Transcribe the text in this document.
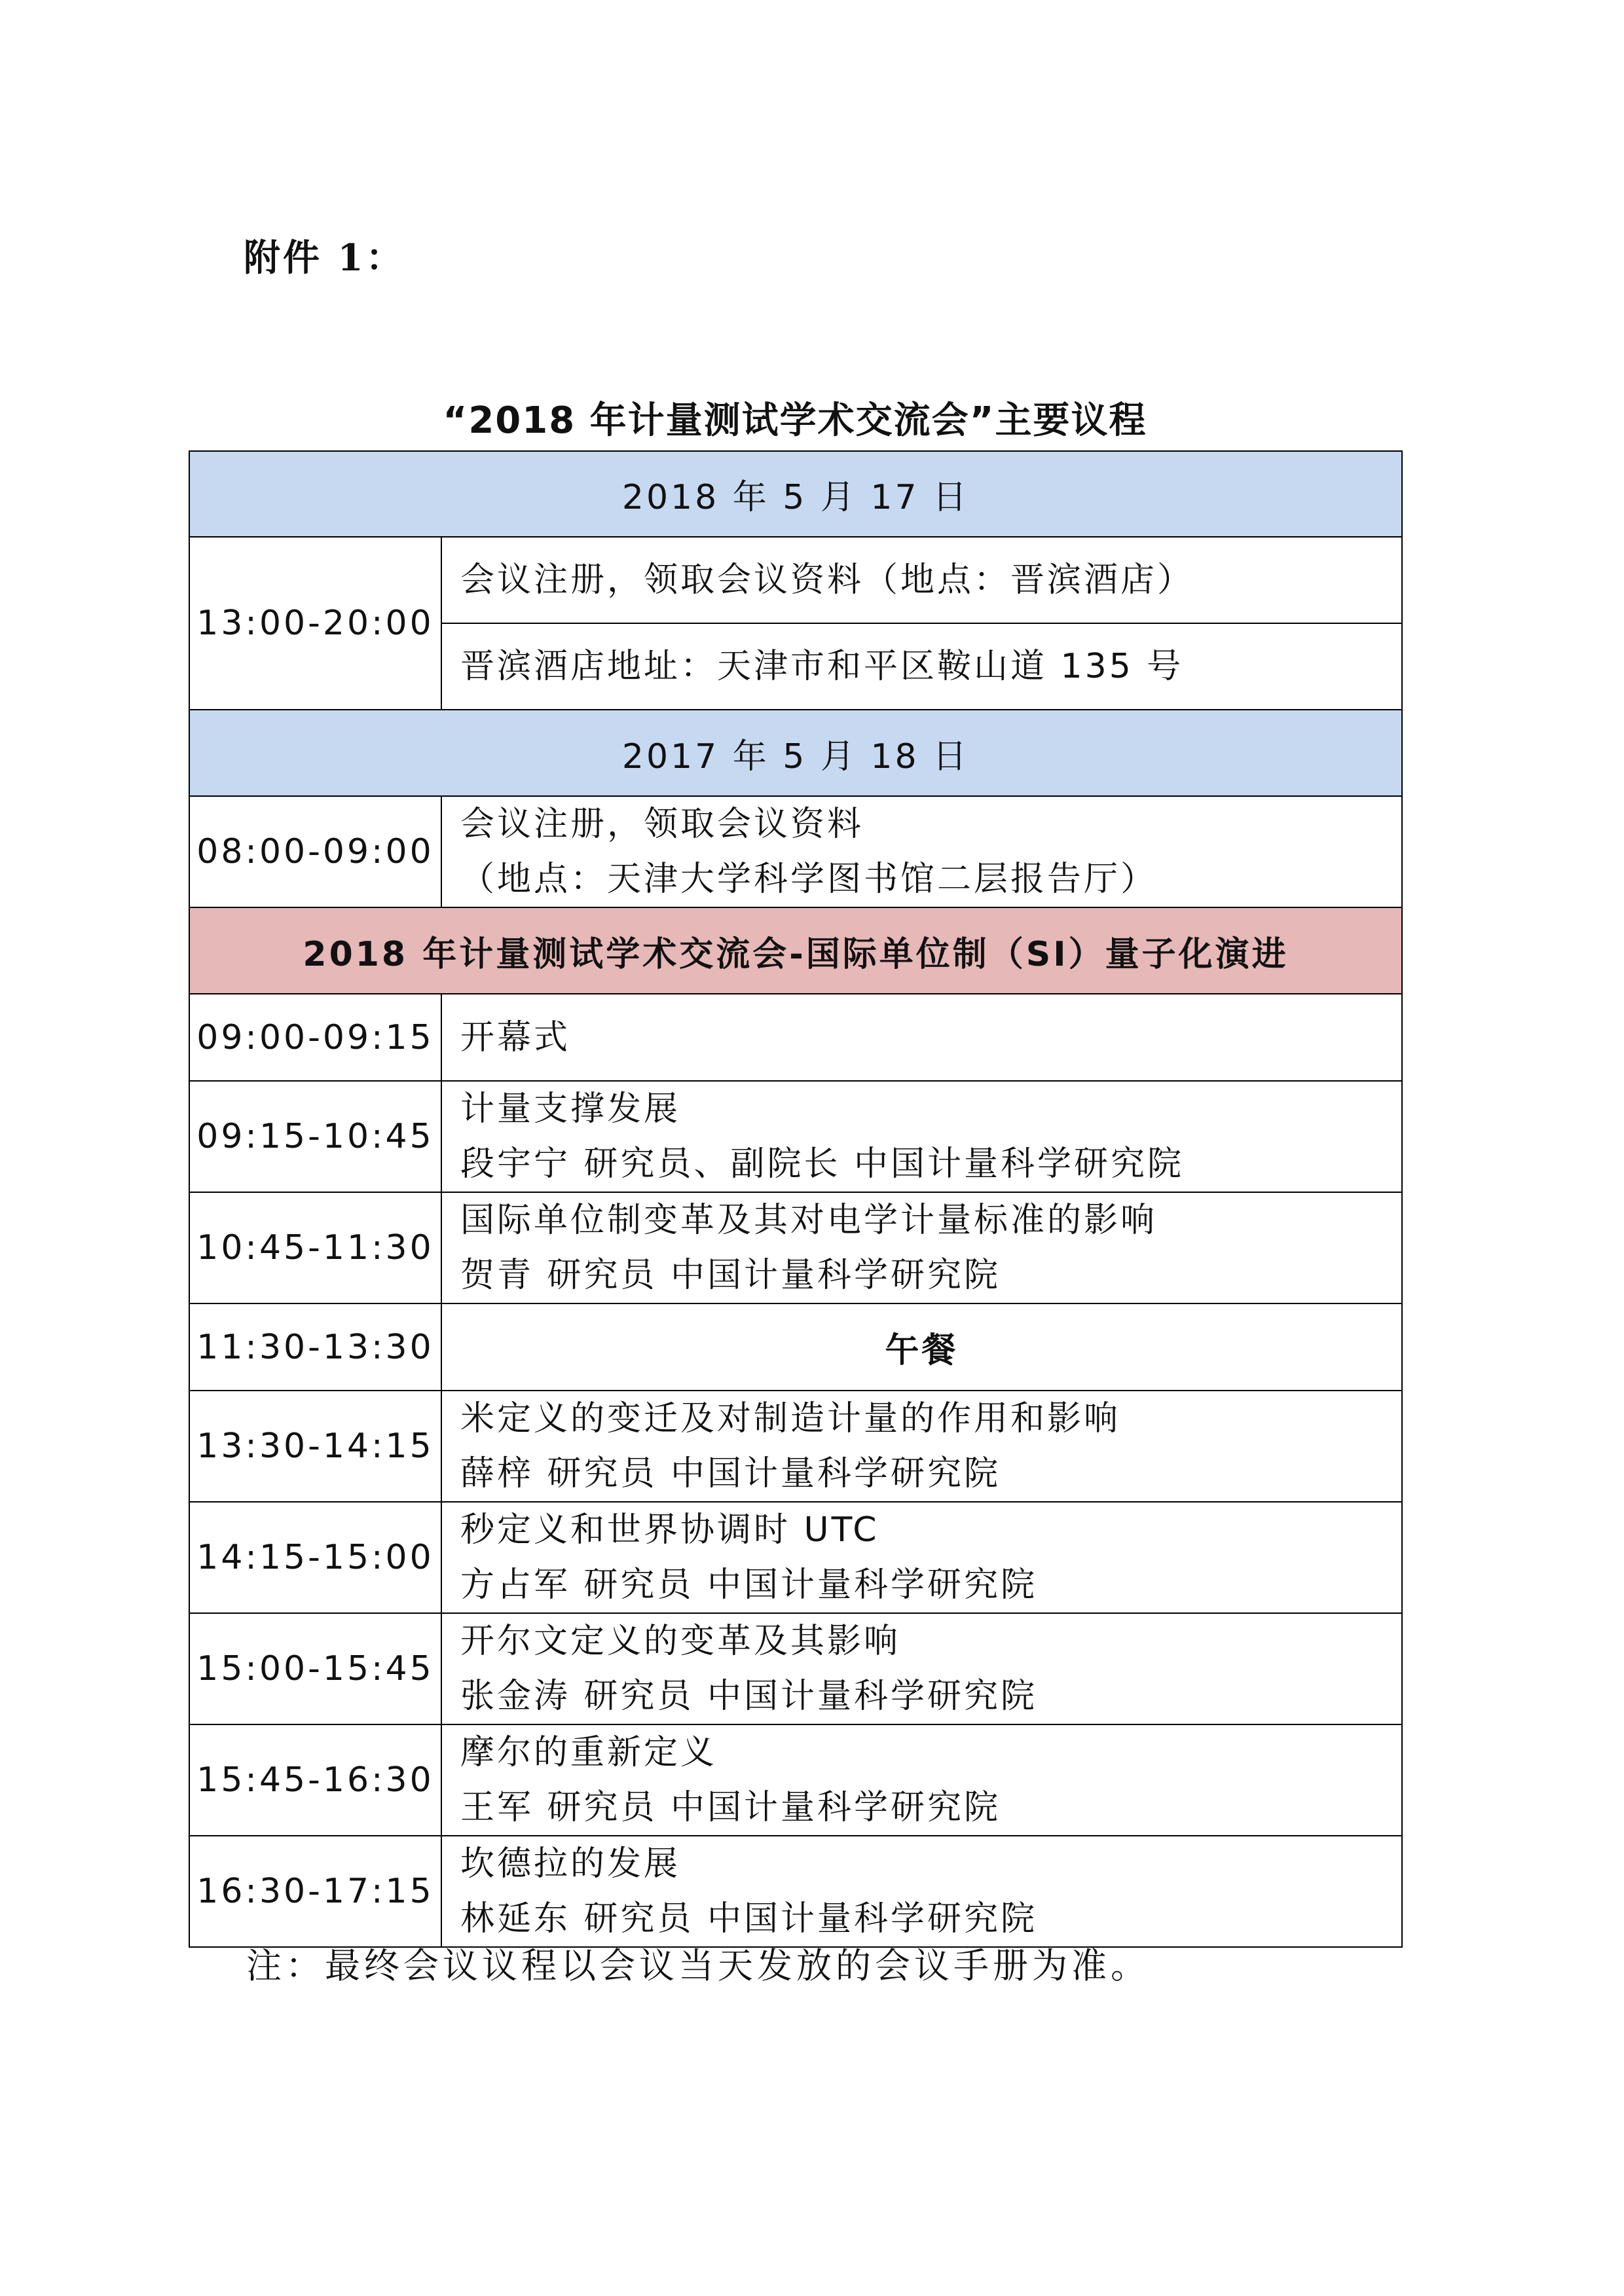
附件 1：
“2018 年计量测试学术交流会”主要议程
2018 年 5 月 17 日	
13:00-20:00	会议注册，领取会议资料（地点：晋滨酒店）
	晋滨酒店地址：天津市和平区鞍山道 135 号
2017 年 5 月 18 日	
08:00-09:00	会议注册，领取会议资料
（地点：天津大学科学图书馆二层报告厅）

2018 年计量测试学术交流会-国际单位制（SI）量子化演进	
09:00-09:15	开幕式
09:15-10:45	计量支撑发展
段宇宁 研究员、副院长 中国计量科学研究院

10:45-11:30	国际单位制变革及其对电学计量标准的影响
贺青 研究员 中国计量科学研究院

11:30-13:30	午餐
13:30-14:15	米定义的变迁及对制造计量的作用和影响
薛梓 研究员 中国计量科学研究院

14:15-15:00	秒定义和世界协调时 UTC
方占军 研究员 中国计量科学研究院

15:00-15:45	开尔文定义的变革及其影响
张金涛 研究员 中国计量科学研究院

15:45-16:30	摩尔的重新定义
王军 研究员 中国计量科学研究院

16:30-17:15	坎德拉的发展
林延东 研究员 中国计量科学研究院
注：最终会议议程以会议当天发放的会议手册为准。
